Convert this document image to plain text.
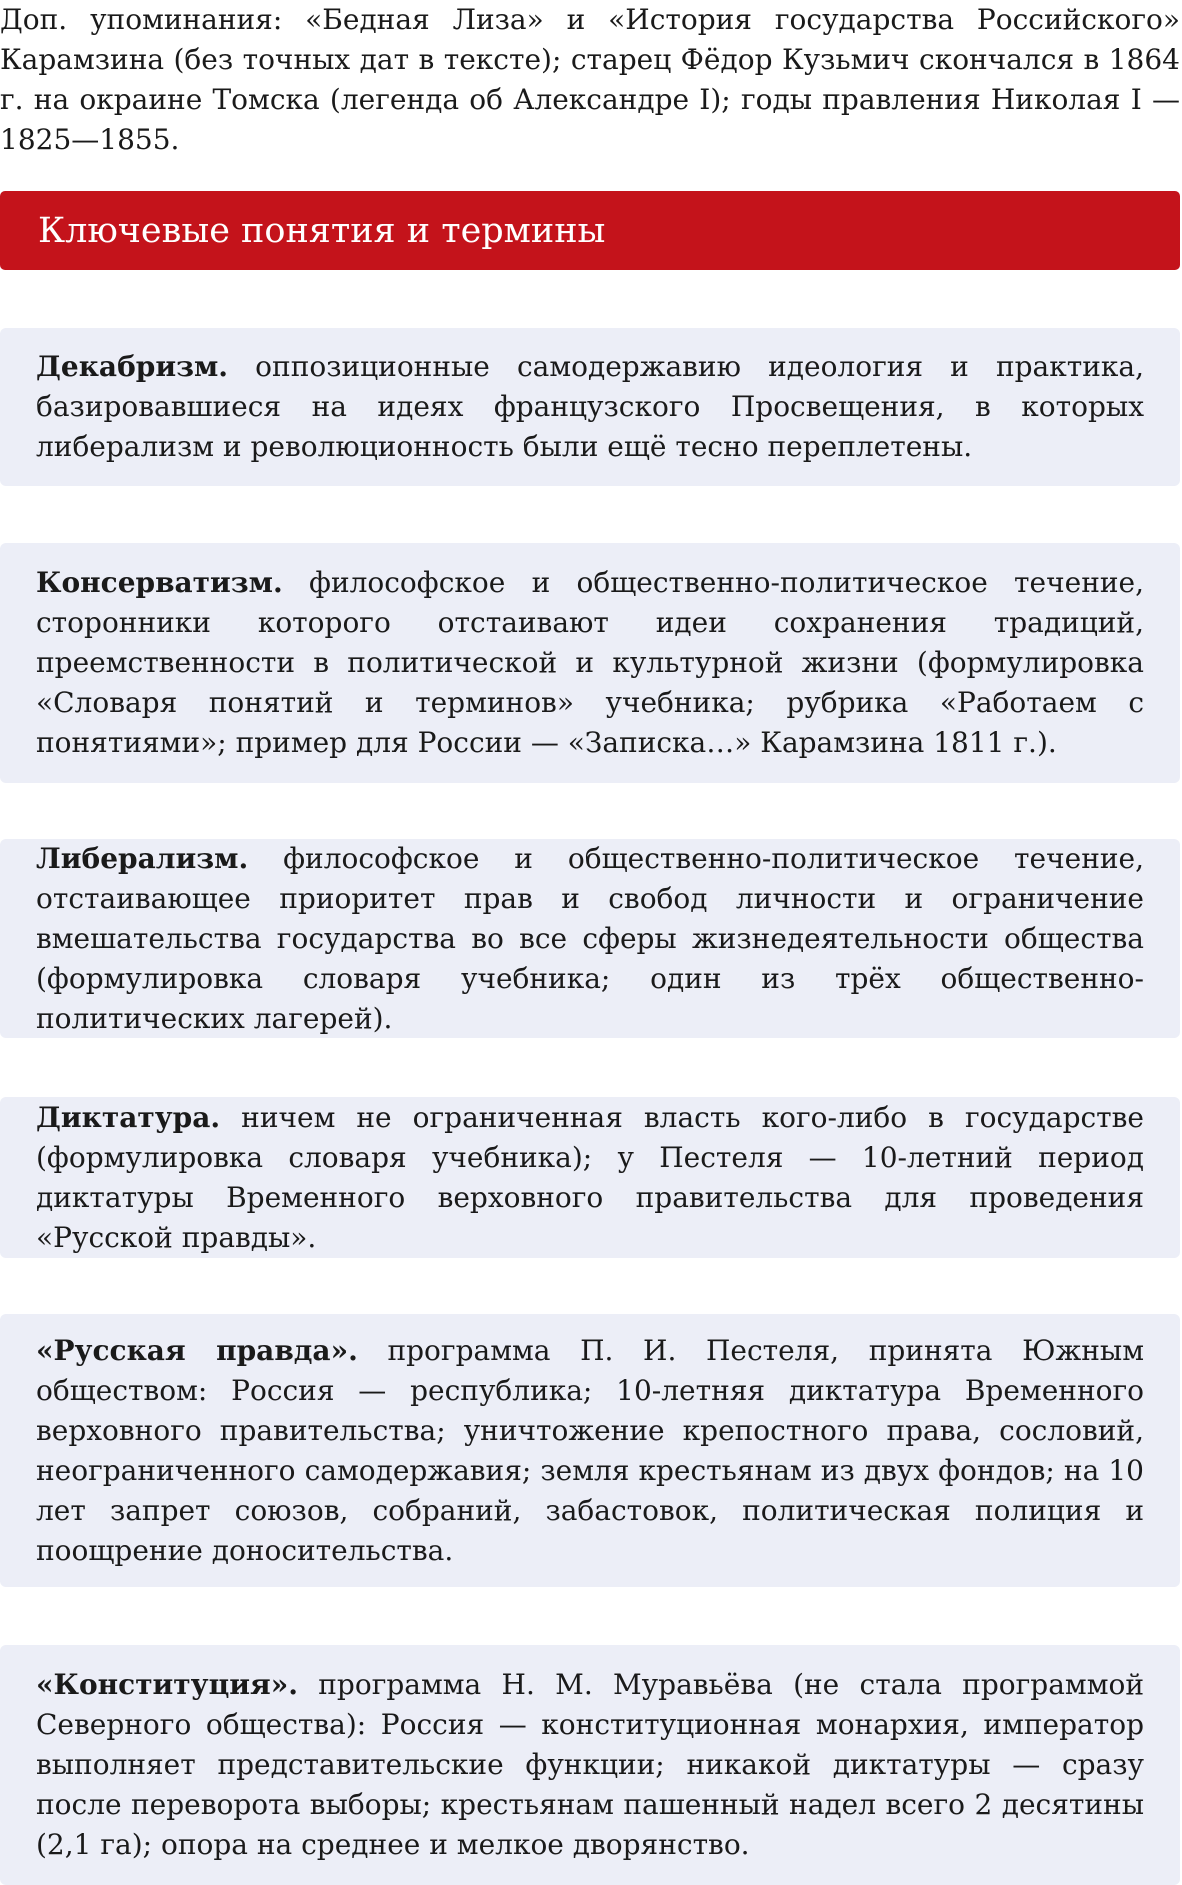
Доп. упоминания: «Бедная Лиза» и «История государства Российского» Карамзина (без точных дат в тексте); старец Фёдор Кузьмич скончался в 1864 г. на окраине Томска (легенда об Александре I); годы правления Николая I — 1825—1855.

Ключевые понятия и термины

Декабризм. оппозиционные самодержавию идеология и практика, базировавшиеся на идеях французского Просвещения, в которых либерализм и революционность были ещё тесно переплетены.

Консерватизм. философское и общественно-политическое течение, сторонники которого отстаивают идеи сохранения традиций, преемственности в политической и культурной жизни (формулировка «Словаря понятий и терминов» учебника; рубрика «Работаем с понятиями»; пример для России — «Записка…» Карамзина 1811 г.).

Либерализм. философское и общественно-политическое течение, отстаивающее приоритет прав и свобод личности и ограничение вмешательства государства во все сферы жизнедеятельности общества (формулировка словаря учебника; один из трёх общественно-политических лагерей).

Диктатура. ничем не ограниченная власть кого-либо в государстве (формулировка словаря учебника); у Пестеля — 10-летний период диктатуры Временного верховного правительства для проведения «Русской правды».

«Русская правда». программа П. И. Пестеля, принята Южным обществом: Россия — республика; 10-летняя диктатура Временного верховного правительства; уничтожение крепостного права, сословий, неограниченного самодержавия; земля крестьянам из двух фондов; на 10 лет запрет союзов, собраний, забастовок, политическая полиция и поощрение доносительства.

«Конституция». программа Н. М. Муравьёва (не стала программой Северного общества): Россия — конституционная монархия, император выполняет представительские функции; никакой диктатуры — сразу после переворота выборы; крестьянам пашенный надел всего 2 десятины (2,1 га); опора на среднее и мелкое дворянство.
